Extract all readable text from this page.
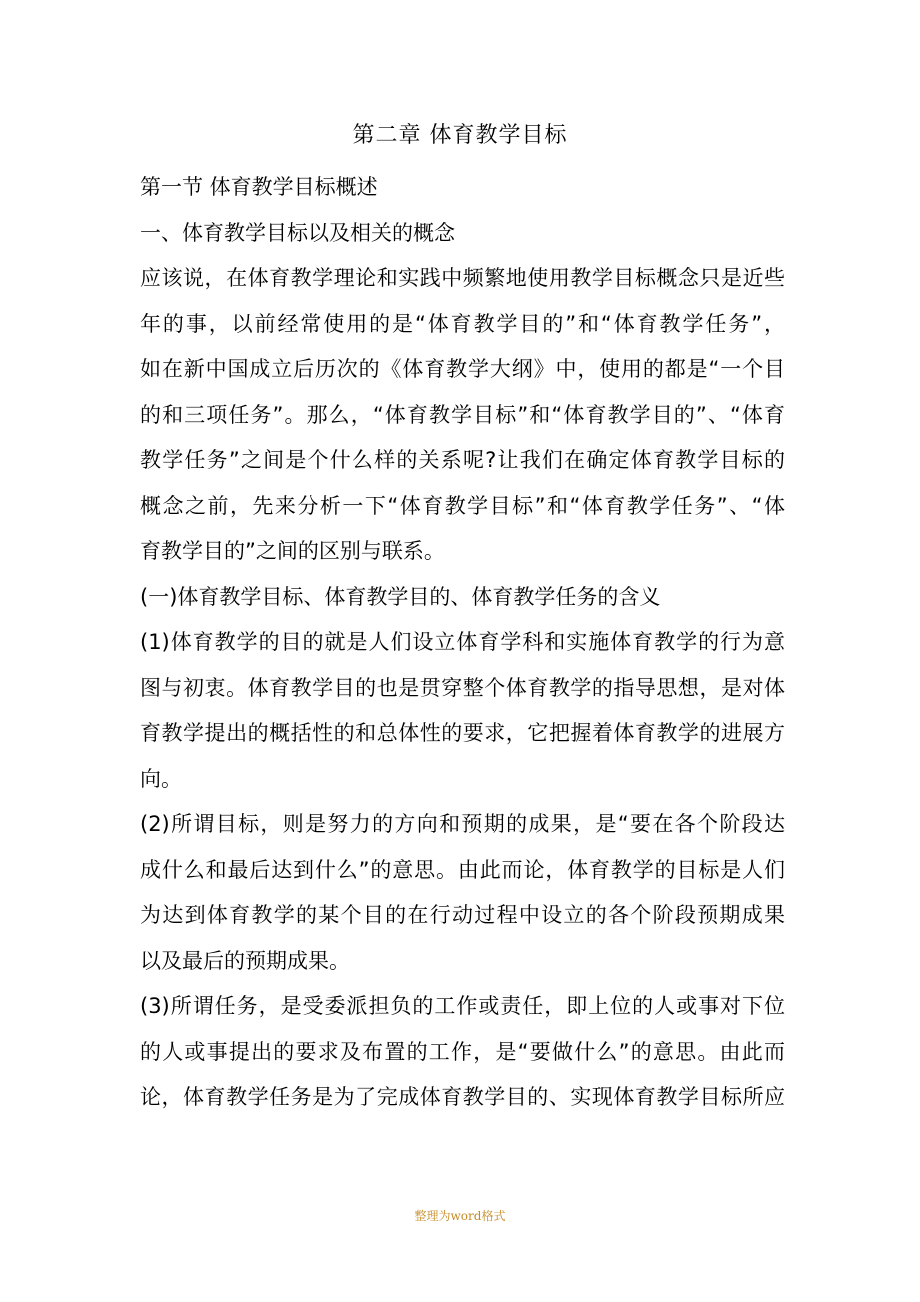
第二章 体育教学目标
第一节 体育教学目标概述
一、体育教学目标以及相关的概念
应该说，在体育教学理论和实践中频繁地使用教学目标概念只是近些
年的事，以前经常使用的是“体育教学目的”和“体育教学任务”，
如在新中国成立后历次的《体育教学大纲》中，使用的都是“一个目
的和三项任务”。那么，“体育教学目标”和“体育教学目的”、“体育
教学任务”之间是个什么样的关系呢?让我们在确定体育教学目标的
概念之前，先来分析一下“体育教学目标”和“体育教学任务”、“体
育教学目的”之间的区别与联系。
(一)体育教学目标、体育教学目的、体育教学任务的含义
(1)体育教学的目的就是人们设立体育学科和实施体育教学的行为意
图与初衷。体育教学目的也是贯穿整个体育教学的指导思想，是对体
育教学提出的概括性的和总体性的要求，它把握着体育教学的进展方
向。
(2)所谓目标，则是努力的方向和预期的成果，是“要在各个阶段达
成什么和最后达到什么”的意思。由此而论，体育教学的目标是人们
为达到体育教学的某个目的在行动过程中设立的各个阶段预期成果
以及最后的预期成果。
(3)所谓任务，是受委派担负的工作或责任，即上位的人或事对下位
的人或事提出的要求及布置的工作，是“要做什么”的意思。由此而
论，体育教学任务是为了完成体育教学目的、实现体育教学目标所应
整理为word格式
